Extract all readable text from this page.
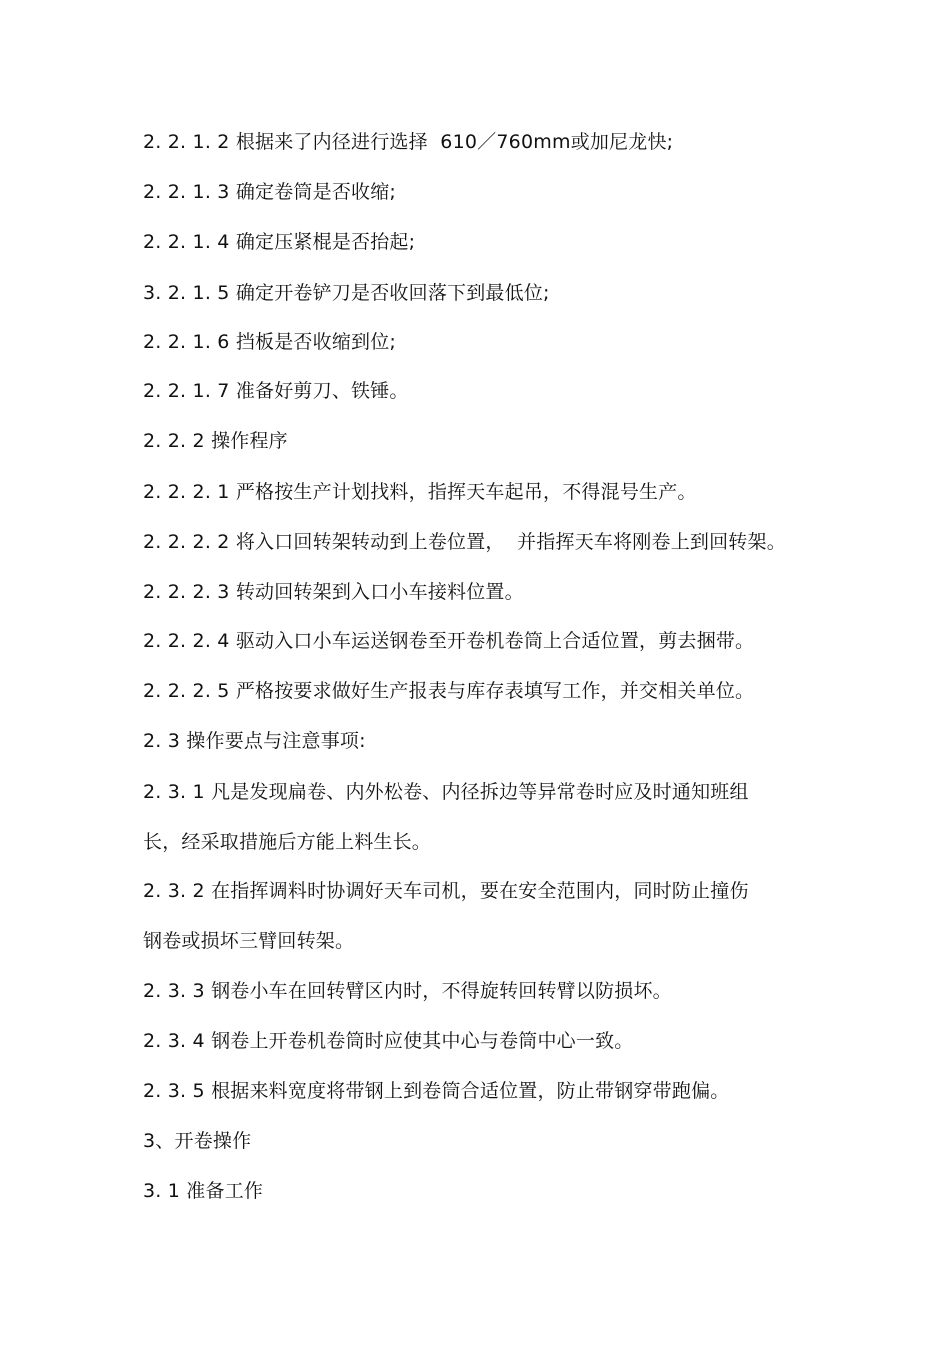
2. 2. 1. 2 根据来了内径进行选择  610／760mm或加尼龙快;
2. 2. 1. 3 确定卷筒是否收缩;
2. 2. 1. 4 确定压紧棍是否抬起;
3. 2. 1. 5 确定开卷铲刀是否收回落下到最低位;
2. 2. 1. 6 挡板是否收缩到位;
2. 2. 1. 7 准备好剪刀、铁锤。
2. 2. 2 操作程序
2. 2. 2. 1 严格按生产计划找料，指挥天车起吊，不得混号生产。
2. 2. 2. 2 将入口回转架转动到上卷位置，  并指挥天车将刚卷上到回转架。
2. 2. 2. 3 转动回转架到入口小车接料位置。
2. 2. 2. 4 驱动入口小车运送钢卷至开卷机卷筒上合适位置，剪去捆带。
2. 2. 2. 5 严格按要求做好生产报表与库存表填写工作，并交相关单位。
2. 3 操作要点与注意事项:
2. 3. 1 凡是发现扁卷、内外松卷、内径拆边等异常卷时应及时通知班组
长，经采取措施后方能上料生长。
2. 3. 2 在指挥调料时协调好天车司机，要在安全范围内，同时防止撞伤
钢卷或损坏三臂回转架。
2. 3. 3 钢卷小车在回转臂区内时，不得旋转回转臂以防损坏。
2. 3. 4 钢卷上开卷机卷筒时应使其中心与卷筒中心一致。
2. 3. 5 根据来料宽度将带钢上到卷筒合适位置，防止带钢穿带跑偏。
3、开卷操作
3. 1 准备工作
